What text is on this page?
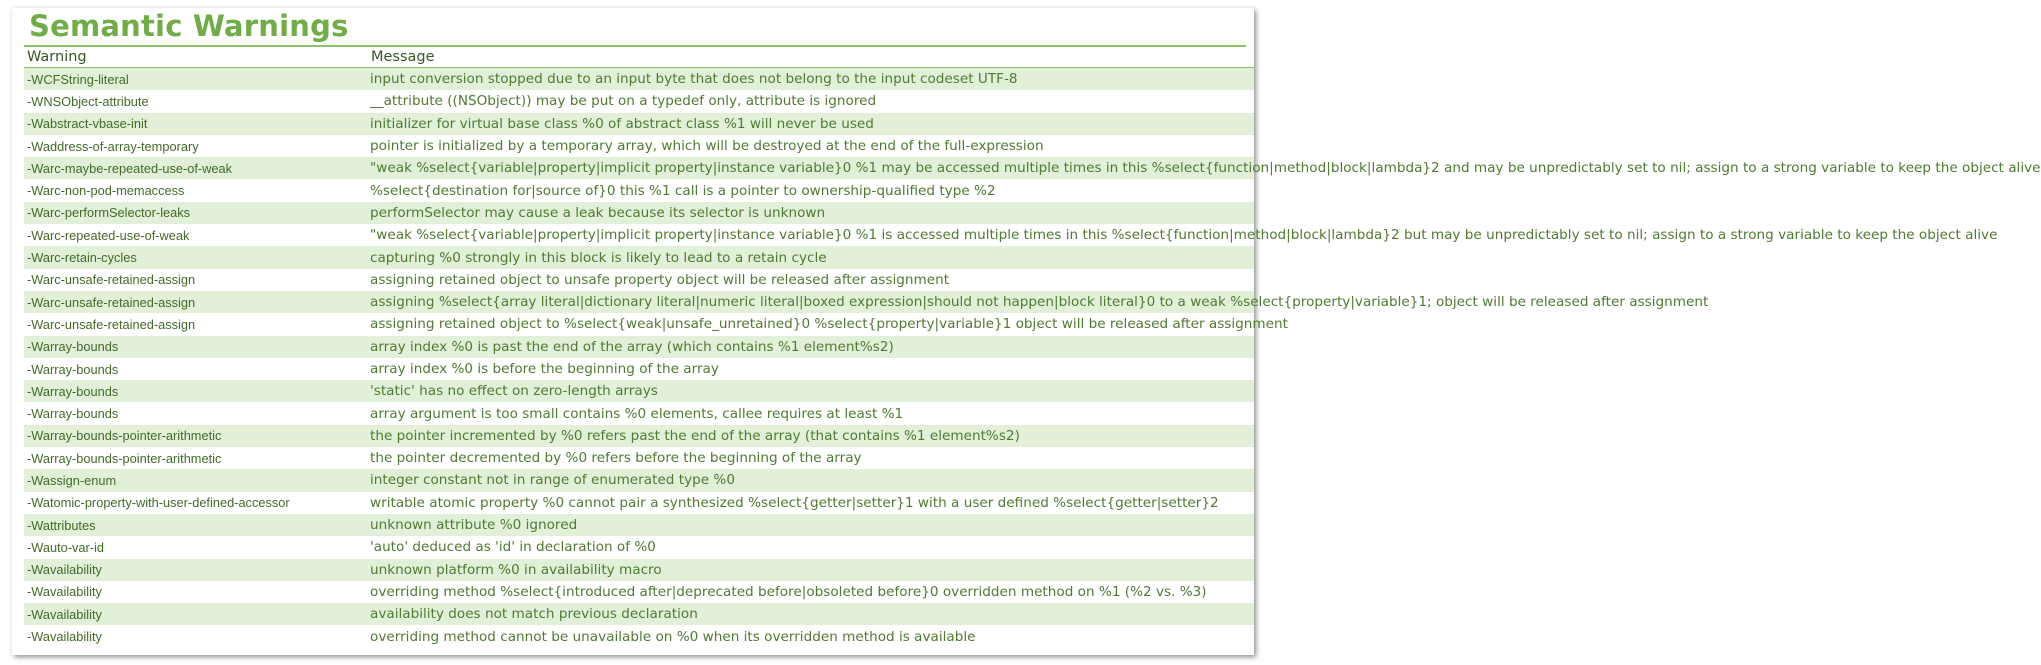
Semantic Warnings
Warning	Message
-WCFString-literal	input conversion stopped due to an input byte that does not belong to the input codeset UTF-8
-WNSObject-attribute	__attribute ((NSObject)) may be put on a typedef only, attribute is ignored
-Wabstract-vbase-init	initializer for virtual base class %0 of abstract class %1 will never be used
-Waddress-of-array-temporary	pointer is initialized by a temporary array, which will be destroyed at the end of the full-expression
-Warc-maybe-repeated-use-of-weak	"weak %select{variable|property|implicit property|instance variable}0 %1 may be accessed multiple times in this %select{function|method|block|lambda}2 and may be unpredictably set to nil; assign to a strong variable to keep the object alive
-Warc-non-pod-memaccess	%select{destination for|source of}0 this %1 call is a pointer to ownership-qualified type %2
-Warc-performSelector-leaks	performSelector may cause a leak because its selector is unknown
-Warc-repeated-use-of-weak	"weak %select{variable|property|implicit property|instance variable}0 %1 is accessed multiple times in this %select{function|method|block|lambda}2 but may be unpredictably set to nil; assign to a strong variable to keep the object alive
-Warc-retain-cycles	capturing %0 strongly in this block is likely to lead to a retain cycle
-Warc-unsafe-retained-assign	assigning retained object to unsafe property object will be released after assignment
-Warc-unsafe-retained-assign	assigning %select{array literal|dictionary literal|numeric literal|boxed expression|should not happen|block literal}0 to a weak %select{property|variable}1; object will be released after assignment
-Warc-unsafe-retained-assign	assigning retained object to %select{weak|unsafe_unretained}0 %select{property|variable}1 object will be released after assignment
-Warray-bounds	array index %0 is past the end of the array (which contains %1 element%s2)
-Warray-bounds	array index %0 is before the beginning of the array
-Warray-bounds	'static' has no effect on zero-length arrays
-Warray-bounds	array argument is too small contains %0 elements, callee requires at least %1
-Warray-bounds-pointer-arithmetic	the pointer incremented by %0 refers past the end of the array (that contains %1 element%s2)
-Warray-bounds-pointer-arithmetic	the pointer decremented by %0 refers before the beginning of the array
-Wassign-enum	integer constant not in range of enumerated type %0
-Watomic-property-with-user-defined-accessor	writable atomic property %0 cannot pair a synthesized %select{getter|setter}1 with a user defined %select{getter|setter}2
-Wattributes	unknown attribute %0 ignored
-Wauto-var-id	'auto' deduced as 'id' in declaration of %0
-Wavailability	unknown platform %0 in availability macro
-Wavailability	overriding method %select{introduced after|deprecated before|obsoleted before}0 overridden method on %1 (%2 vs. %3)
-Wavailability	availability does not match previous declaration
-Wavailability	overriding method cannot be unavailable on %0 when its overridden method is available
